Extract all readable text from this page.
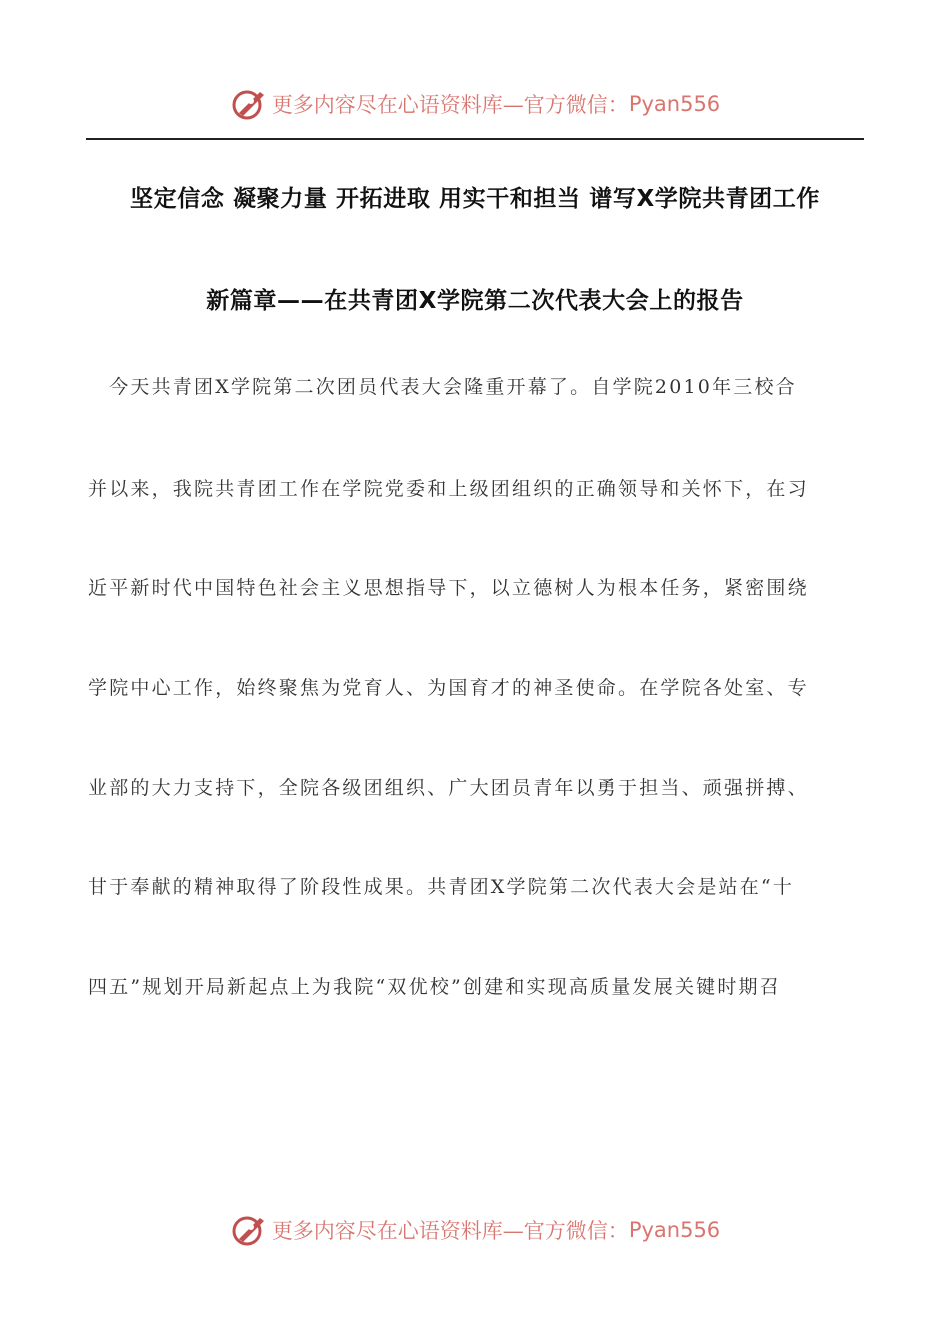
更多内容尽在心语资料库—官方微信： Pyan556
坚定信念 凝聚力量 开拓进取 用实干和担当 谱写X学院共青团工作
新篇章——在共青团X学院第二次代表大会上的报告
　今天共青团X学院第二次团员代表大会隆重开幕了。自学院2010年三校合
并以来，我院共青团工作在学院党委和上级团组织的正确领导和关怀下，在习
近平新时代中国特色社会主义思想指导下，以立德树人为根本任务，紧密围绕
学院中心工作，始终聚焦为党育人、为国育才的神圣使命。在学院各处室、专
业部的大力支持下，全院各级团组织、广大团员青年以勇于担当、顽强拼搏、
甘于奉献的精神取得了阶段性成果。共青团X学院第二次代表大会是站在“十
四五”规划开局新起点上为我院“双优校”创建和实现高质量发展关键时期召
更多内容尽在心语资料库—官方微信： Pyan556
